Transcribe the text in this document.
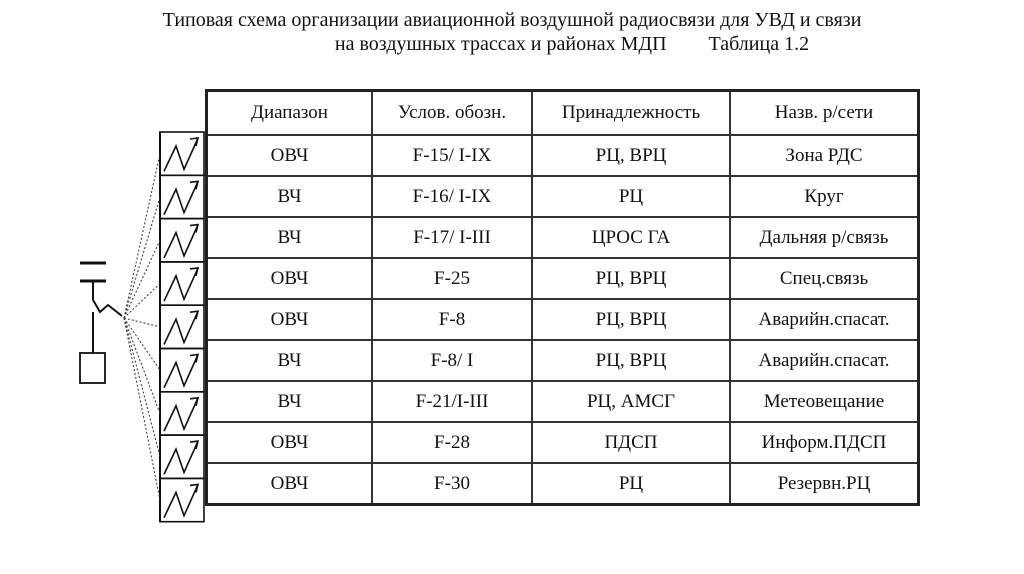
Типовая схема организации авиационной воздушной радиосвязи для УВД и связи
на воздушных трассах и районах МДП Таблица 1.2
Диапазон	Услов. обозн.	Принадлежность	Назв. р/сети
ОВЧ	F-15/ I-IX	РЦ, ВРЦ	Зона РДС
ВЧ	F-16/ I-IX	РЦ	Круг
ВЧ	F-17/ I-III	ЦРОС ГА	Дальняя р/связь
ОВЧ	F-25	РЦ, ВРЦ	Спец.связь
ОВЧ	F-8	РЦ, ВРЦ	Аварийн.спасат.
ВЧ	F-8/ I	РЦ, ВРЦ	Аварийн.спасат.
ВЧ	F-21/I-III	РЦ, АМСГ	Метеовещание
ОВЧ	F-28	ПДСП	Информ.ПДСП
ОВЧ	F-30	РЦ	Резервн.РЦ
